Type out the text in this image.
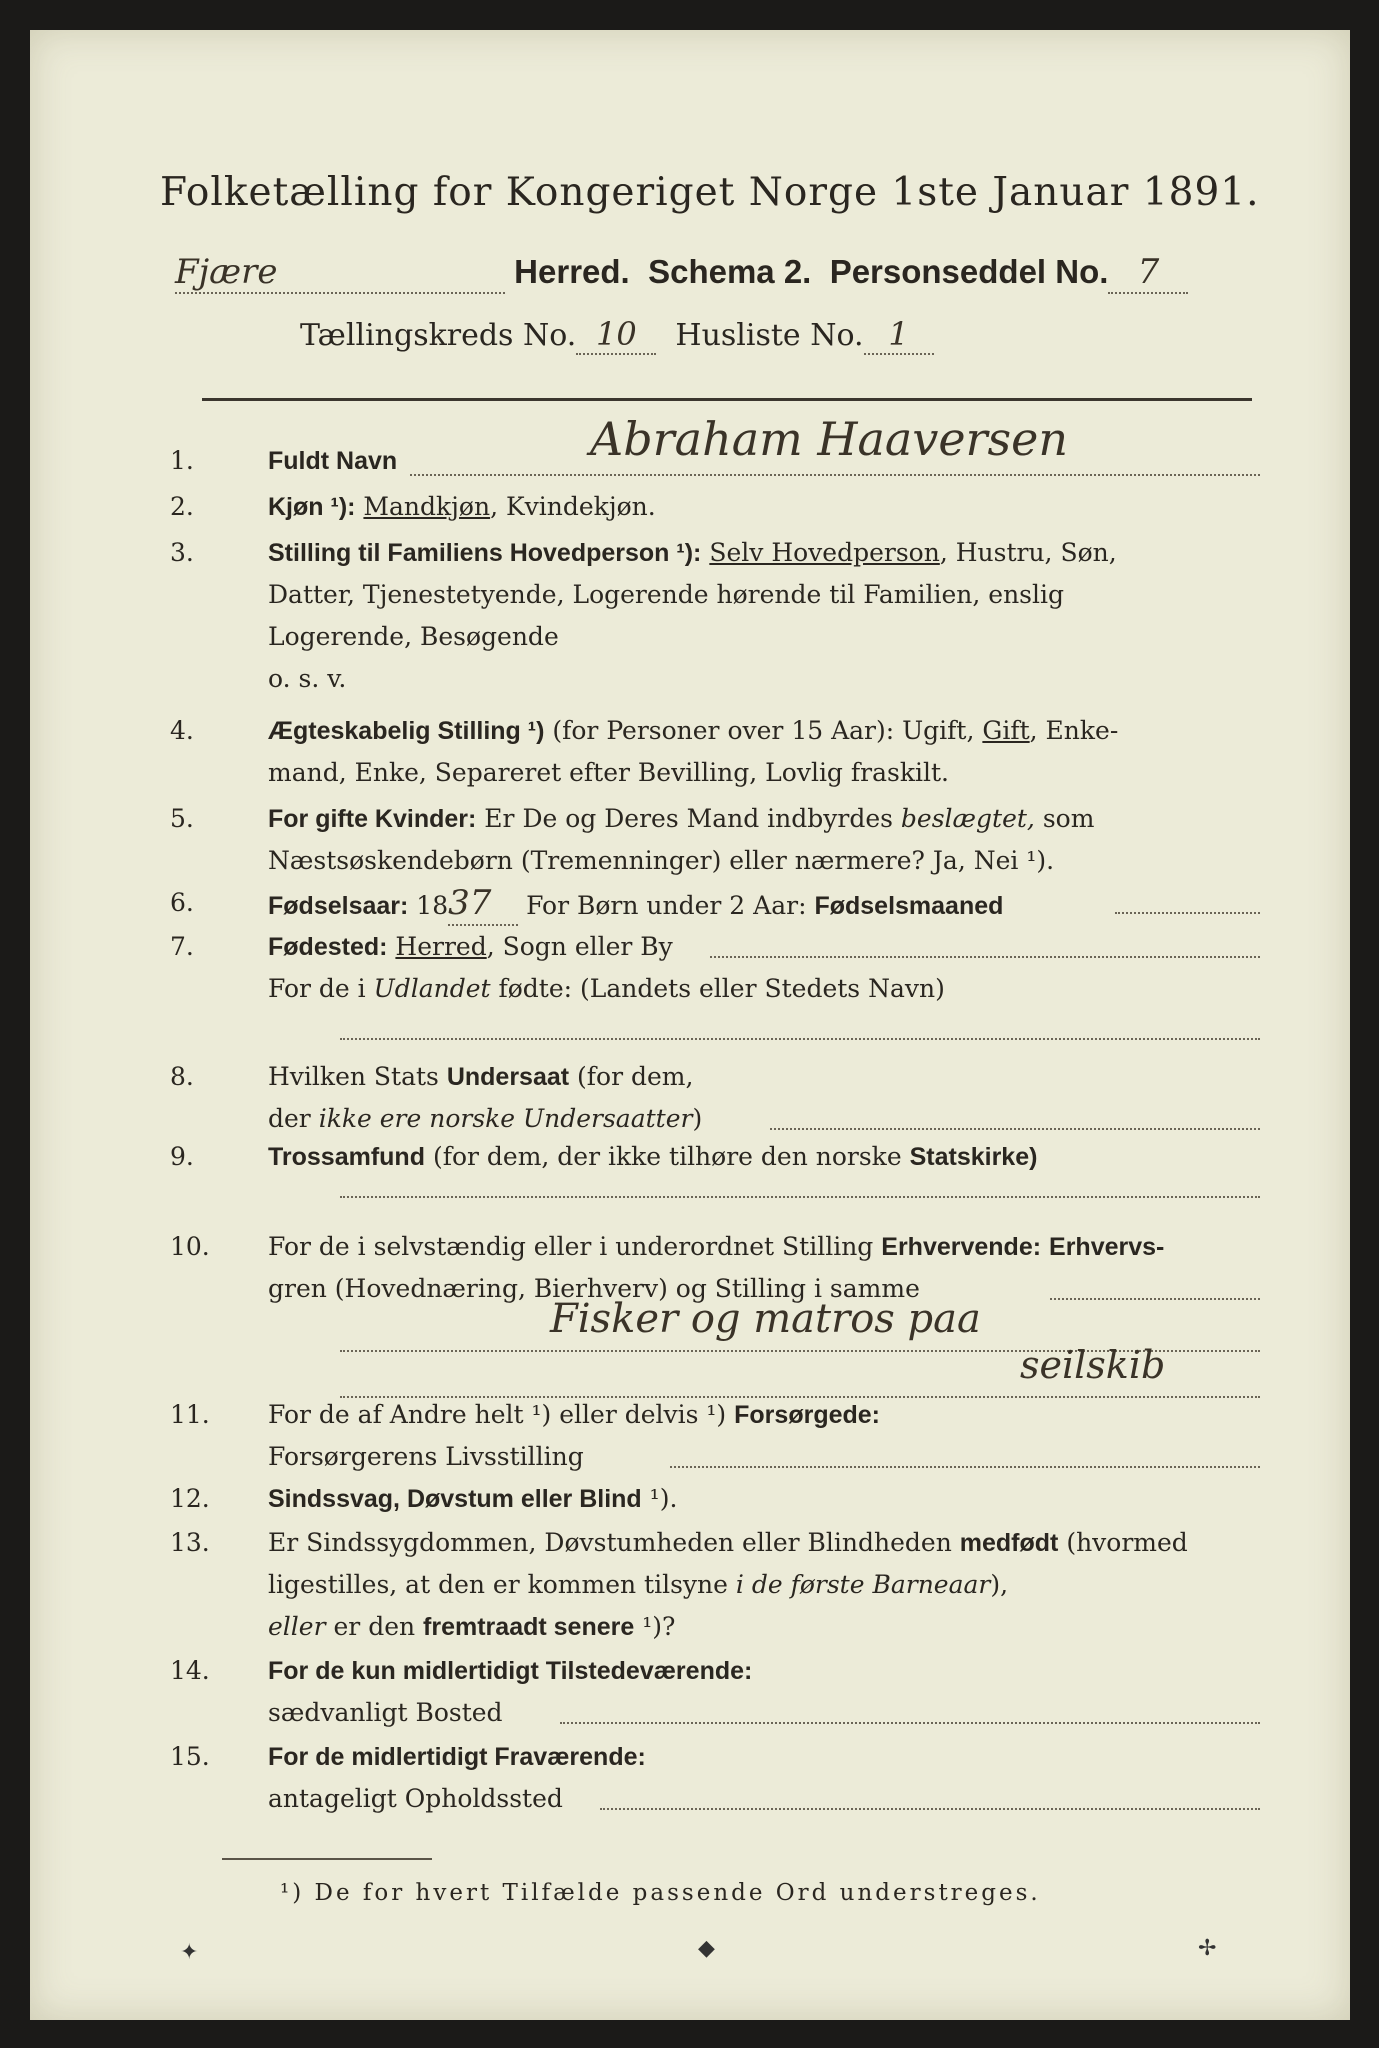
Folketælling for Kongeriget Norge 1ste Januar 1891.
Fjære	Herred. Schema 2. Personseddel No. 7
Tællingskreds No. 10 Husliste No. 1
1.	Fuldt Navn	Abraham Haaversen
2.	Kjøn ¹): Mandkjøn, Kvindekjøn.
3.	Stilling til Familiens Hovedperson ¹): Selv Hovedperson, Hustru, Søn,
Datter, Tjenestetyende, Logerende hørende til Familien, enslig
Logerende, Besøgende
o. s. v.
4.	Ægteskabelig Stilling ¹) (for Personer over 15 Aar): Ugift, Gift, Enke-
mand, Enke, Separeret efter Bevilling, Lovlig fraskilt.
5.	For gifte Kvinder: Er De og Deres Mand indbyrdes beslægtet, som
Næstsøskendebørn (Tremenninger) eller nærmere? Ja, Nei ¹).
6.	Fødselsaar: 1837 For Børn under 2 Aar: Fødselsmaaned
7.	Fødested: Herred, Sogn eller By
For de i Udlandet fødte: (Landets eller Stedets Navn)
8.	Hvilken Stats Undersaat (for dem,
der ikke ere norske Undersaatter)
9.	Trossamfund (for dem, der ikke tilhøre den norske Statskirke)
10.	For de i selvstændig eller i underordnet Stilling Erhvervende: Erhvervs-
gren (Hovednæring, Bierhverv) og Stilling i samme
Fisker og matros paa
seilskib
11.	For de af Andre helt ¹) eller delvis ¹) Forsørgede:
Forsørgerens Livsstilling
12.	Sindssvag, Døvstum eller Blind ¹).
13.	Er Sindssygdommen, Døvstumheden eller Blindheden medfødt (hvormed
ligestilles, at den er kommen tilsyne i de første Barneaar),
eller er den fremtraadt senere ¹)?
14.	For de kun midlertidigt Tilstedeværende:
sædvanligt Bosted
15.	For de midlertidigt Fraværende:
antageligt Opholdssted
¹) De for hvert Tilfælde passende Ord understreges.
✦	◆	✢
